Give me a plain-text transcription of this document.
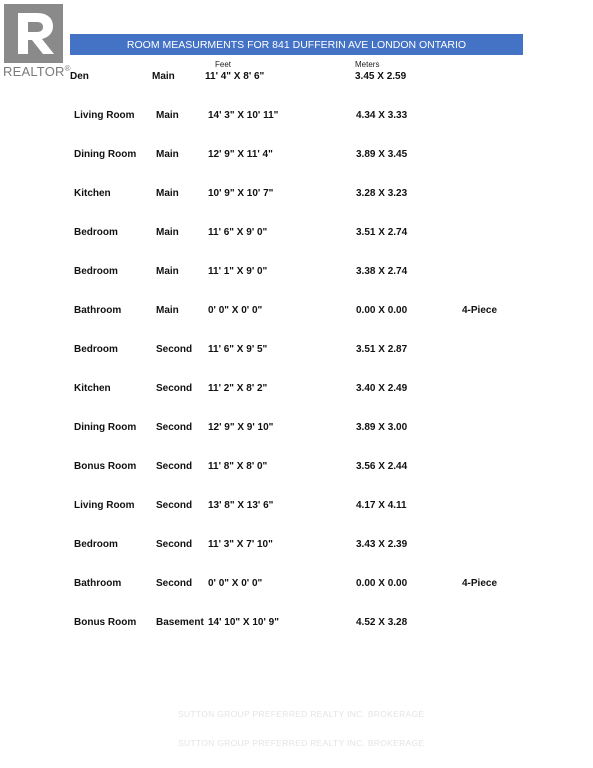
REALTOR®
ROOM MEASURMENTS FOR 841 DUFFERIN AVE LONDON ONTARIO
Feet	Meters
Den	Main	11' 4" X 8' 6"	3.45 X 2.59
Living Room Main	14' 3" X 10' 11"	4.34 X 3.33
Dining Room Main	12' 9" X 11' 4"	3.89 X 3.45
Kitchen	Main	10' 9" X 10' 7"	3.28 X 3.23
Bedroom	Main	11' 6" X 9' 0"	3.51 X 2.74
Bedroom	Main	11' 1" X 9' 0"	3.38 X 2.74
Bathroom	Main	0' 0" X 0' 0"	0.00 X 0.00	4-Piece
Bedroom	Second 11' 6" X 9' 5"	3.51 X 2.87
Kitchen	Second 11' 2" X 8' 2"	3.40 X 2.49
Dining Room Second 12' 9" X 9' 10"	3.89 X 3.00
Bonus Room Second 11' 8" X 8' 0"	3.56 X 2.44
Living Room Second 13' 8" X 13' 6"	4.17 X 4.11
Bedroom	Second 11' 3" X 7' 10"	3.43 X 2.39
Bathroom	Second 0' 0" X 0' 0"	0.00 X 0.00	4-Piece
Bonus Room Basement 14' 10" X 10' 9"	4.52 X 3.28
SUTTON GROUP PREFERRED REALTY INC. BROKERAGE
SUTTON GROUP PREFERRED REALTY INC. BROKERAGE
